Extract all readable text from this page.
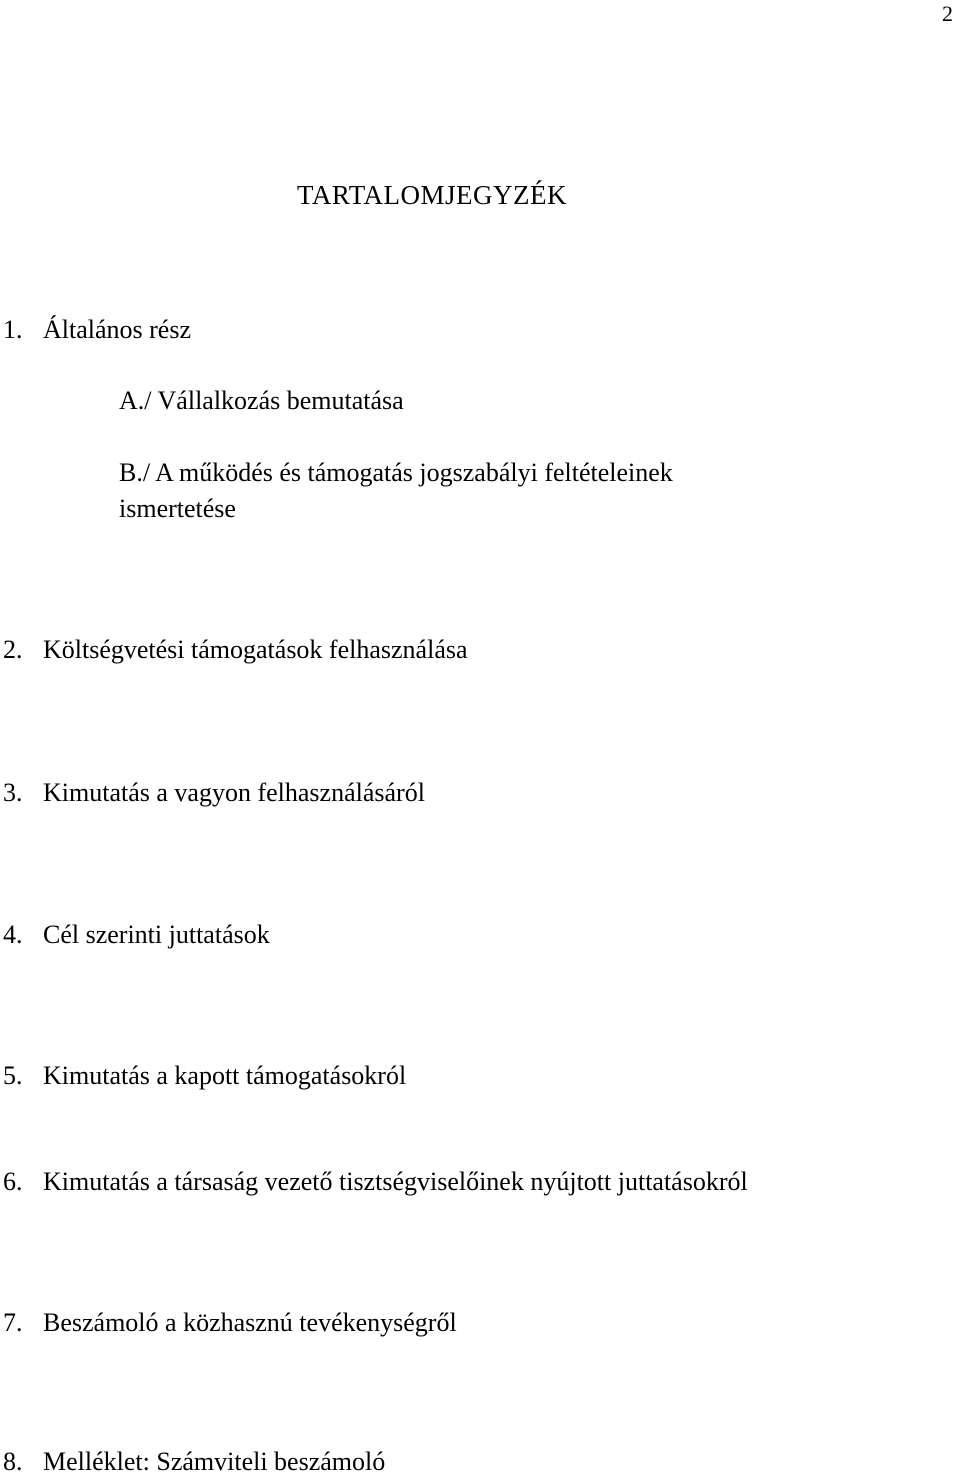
2
TARTALOMJEGYZÉK
1. Általános rész
A./ Vállalkozás bemutatása
B./ A működés és támogatás jogszabályi feltételeinek
ismertetése
2. Költségvetési támogatások felhasználása
3. Kimutatás a vagyon felhasználásáról
4. Cél szerinti juttatások
5. Kimutatás a kapott támogatásokról
6. Kimutatás a társaság vezető tisztségviselőinek nyújtott juttatásokról
7. Beszámoló a közhasznú tevékenységről
8. Melléklet: Számviteli beszámoló
